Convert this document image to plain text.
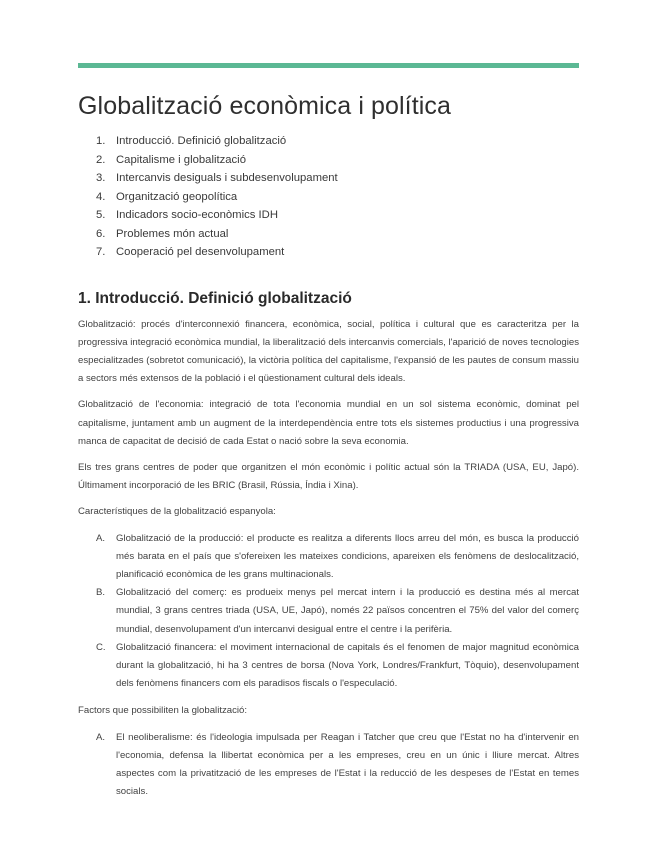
Globalització econòmica i política
1. Introducció. Definició globalització
2. Capitalisme i globalització
3. Intercanvis desiguals i subdesenvolupament
4. Organització geopolítica
5. Indicadors socio-econòmics IDH
6. Problemes món actual
7. Cooperació pel desenvolupament
1. Introducció. Definició globalització

Globalització: procés d'interconnexió financera, econòmica, social, política i cultural que es caracteritza per la progressiva integració econòmica mundial, la liberalització dels intercanvis comercials, l'aparició de noves tecnologies especialitzades (sobretot comunicació), la victòria política del capitalisme, l'expansió de les pautes de consum massiu a sectors més extensos de la població i el qüestionament cultural dels ideals.

Globalització de l'economia: integració de tota l'economia mundial en un sol sistema econòmic, dominat pel capitalisme, juntament amb un augment de la interdependència entre tots els sistemes productius i una progressiva manca de capacitat de decisió de cada Estat o nació sobre la seva economia.

Els tres grans centres de poder que organitzen el món econòmic i polític actual són la TRIADA (USA, EU, Japó). Últimament incorporació de les BRIC (Brasil, Rússia, Índia i Xina).

Característiques de la globalització espanyola:

A.	Globalització de la producció: el producte es realitza a diferents llocs arreu del món, es busca la producció més barata en el país que s'ofereixen les mateixes condicions, apareixen els fenòmens de deslocalització, planificació econòmica de les grans multinacionals.
B.	Globalització del comerç: es produeix menys pel mercat intern i la producció es destina més al mercat mundial, 3 grans centres triada (USA, UE, Japó), només 22 països concentren el 75% del valor del comerç mundial, desenvolupament d'un intercanvi desigual entre el centre i la perifèria.
C.	Globalització financera: el moviment internacional de capitals és el fenomen de major magnitud econòmica durant la globalització, hi ha 3 centres de borsa (Nova York, Londres/Frankfurt, Tòquio), desenvolupament dels fenòmens financers com els paradisos fiscals o l'especulació.

Factors que possibiliten la globalització:

A.	El neoliberalisme: és l'ideologia impulsada per Reagan i Tatcher que creu que l'Estat no ha d'intervenir en l'economia, defensa la llibertat econòmica per a les empreses, creu en un únic i lliure mercat. Altres aspectes com la privatització de les empreses de l'Estat i la reducció de les despeses de l'Estat en temes socials.
